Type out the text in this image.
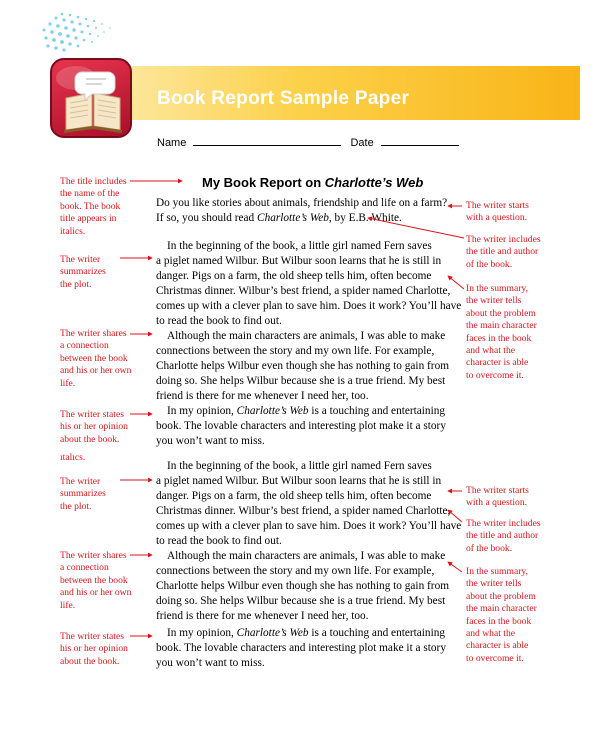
Book Report Sample Paper
Name	Date
My Book Report on Charlotte’s Web
Do you like stories about animals, friendship and life on a farm?
If so, you should read Charlotte’s Web, by E.B. White.
In the beginning of the book, a little girl named Fern saves
a piglet named Wilbur. But Wilbur soon learns that he is still in
danger. Pigs on a farm, the old sheep tells him, often become
Christmas dinner. Wilbur’s best friend, a spider named Charlotte,
comes up with a clever plan to save him. Does it work? You’ll have
to read the book to find out.
Although the main characters are animals, I was able to make
connections between the story and my own life. For example,
Charlotte helps Wilbur even though she has nothing to gain from
doing so. She helps Wilbur because she is a true friend. My best
friend is there for me whenever I need her, too.
In my opinion, Charlotte’s Web is a touching and entertaining
book. The lovable characters and interesting plot make it a story
you won’t want to miss.
In the beginning of the book, a little girl named Fern saves
a piglet named Wilbur. But Wilbur soon learns that he is still in
danger. Pigs on a farm, the old sheep tells him, often become
Christmas dinner. Wilbur’s best friend, a spider named Charlotte,
comes up with a clever plan to save him. Does it work? You’ll have
to read the book to find out.
Although the main characters are animals, I was able to make
connections between the story and my own life. For example,
Charlotte helps Wilbur even though she has nothing to gain from
doing so. She helps Wilbur because she is a true friend. My best
friend is there for me whenever I need her, too.
In my opinion, Charlotte’s Web is a touching and entertaining
book. The lovable characters and interesting plot make it a story
you won’t want to miss.
The title includes
the name of the
book. The book
title appears in
italics.
The writer
summarizes
the plot.
The writer shares
a connection
between the book
and his or her own
life.
The writer states
his or her opinion
about the book.
ıtalıcs.
The writer
summarizes
the plot.
The writer shares
a connection
between the book
and his or her own
life.
The writer states
his or her opinion
about the book.
The writer starts
with a question.
The writer includes
the title and author
of the book.
In the summary,
the writer tells
about the problem
the main character
faces in the book
and what the
character is able
to overcome it.
The writer starts
with a question.
The writer includes
the title and author
of the book.
In the summary,
the writer tells
about the problem
the main character
faces in the book
and what the
character is able
to overcome it.
